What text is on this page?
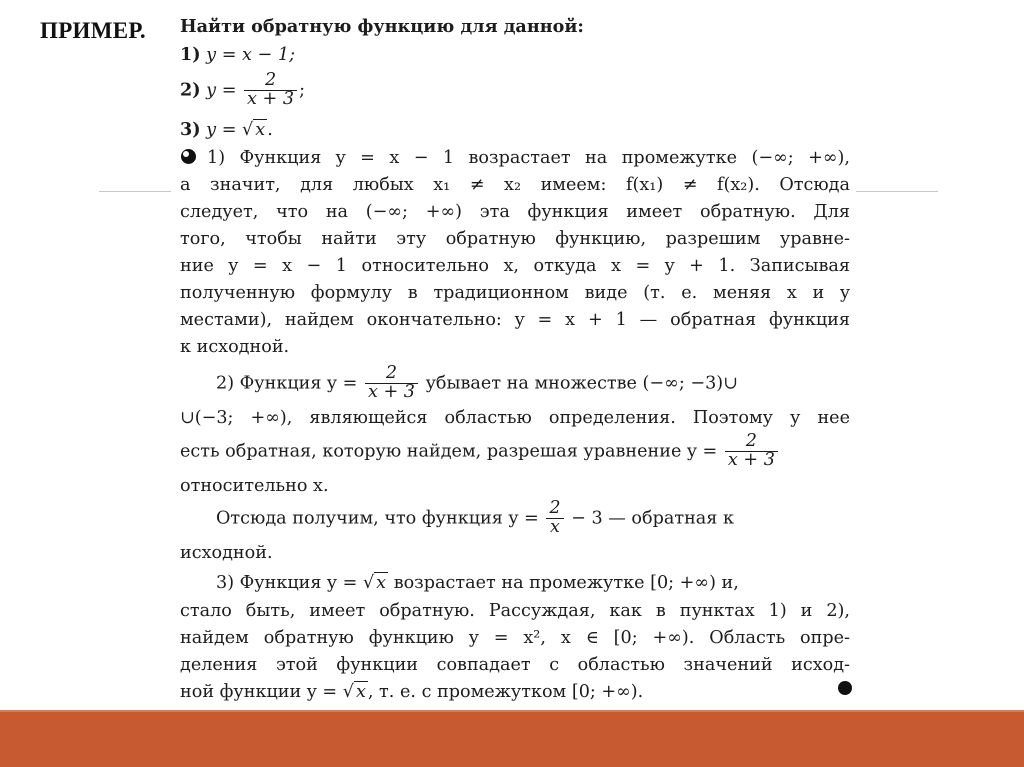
ПРИМЕР. Найти обратную функцию для данной:
1) y = x − 1;
2) $y = \frac{2}{x + 3}$ ;
3) y = √ x .
1) Функция y = x − 1 возрастает на промежутке (−∞; +∞),
а значит, для любых x₁ ≠ x₂ имеем: f(x₁) ≠ f(x₂). Отсюда
следует, что на (−∞; +∞) эта функция имеет обратную. Для
того, чтобы найти эту обратную функцию, разрешим уравне-
ние y = x − 1 относительно x, откуда x = y + 1. Записывая
полученную формулу в традиционном виде (т. е. меняя x и y
местами), найдем окончательно: y = x + 1 — обратная функция
к исходной.
2) Функция $y = \frac{2}{x + 3}$ убывает на множестве (−∞; −3)∪
∪(−3; +∞), являющейся областью определения. Поэтому у нее
есть обратная, которую найдем, разрешая уравнение $y = \frac{2}{x + 3}$
относительно x.
Отсюда получим, что функция $y = \frac{2}{x} - 3$ — обратная к
исходной.
3) Функция y = √ x возрастает на промежутке [0; +∞) и,
стало быть, имеет обратную. Рассуждая, как в пунктах 1) и 2),
найдем обратную функцию y = x², x ∈ [0; +∞). Область опре-
деления этой функции совпадает с областью значений исход-
ной функции y = √ x , т. е. с промежутком [0; +∞).
